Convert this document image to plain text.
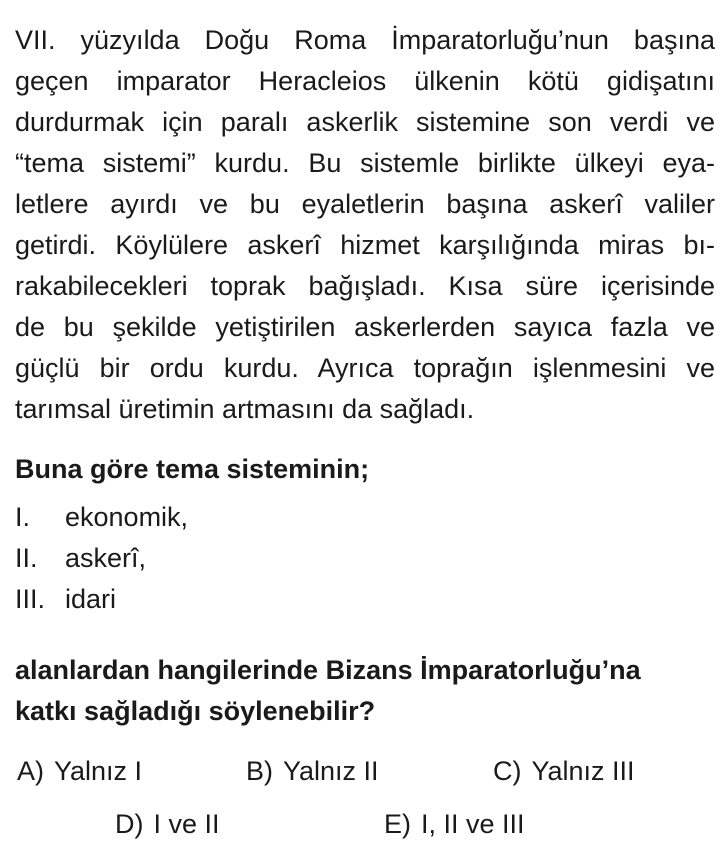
VII. yüzyılda Doğu Roma İmparatorluğu’nun başına
geçen imparator Heracleios ülkenin kötü gidişatını
durdurmak için paralı askerlik sistemine son verdi ve
“tema sistemi” kurdu. Bu sistemle birlikte ülkeyi eya-
letlere ayırdı ve bu eyaletlerin başına askerî valiler
getirdi. Köylülere askerî hizmet karşılığında miras bı-
rakabilecekleri toprak bağışladı. Kısa süre içerisinde
de bu şekilde yetiştirilen askerlerden sayıca fazla ve
güçlü bir ordu kurdu. Ayrıca toprağın işlenmesini ve
tarımsal üretimin artmasını da sağladı.
Buna göre tema sisteminin;
I. ekonomik,
II. askerî,
III. idari
alanlardan hangilerinde Bizans İmparatorluğu’na
katkı sağladığı söylenebilir?
A) Yalnız I	B) Yalnız II	C) Yalnız III
D) I ve II	E) I, II ve III
